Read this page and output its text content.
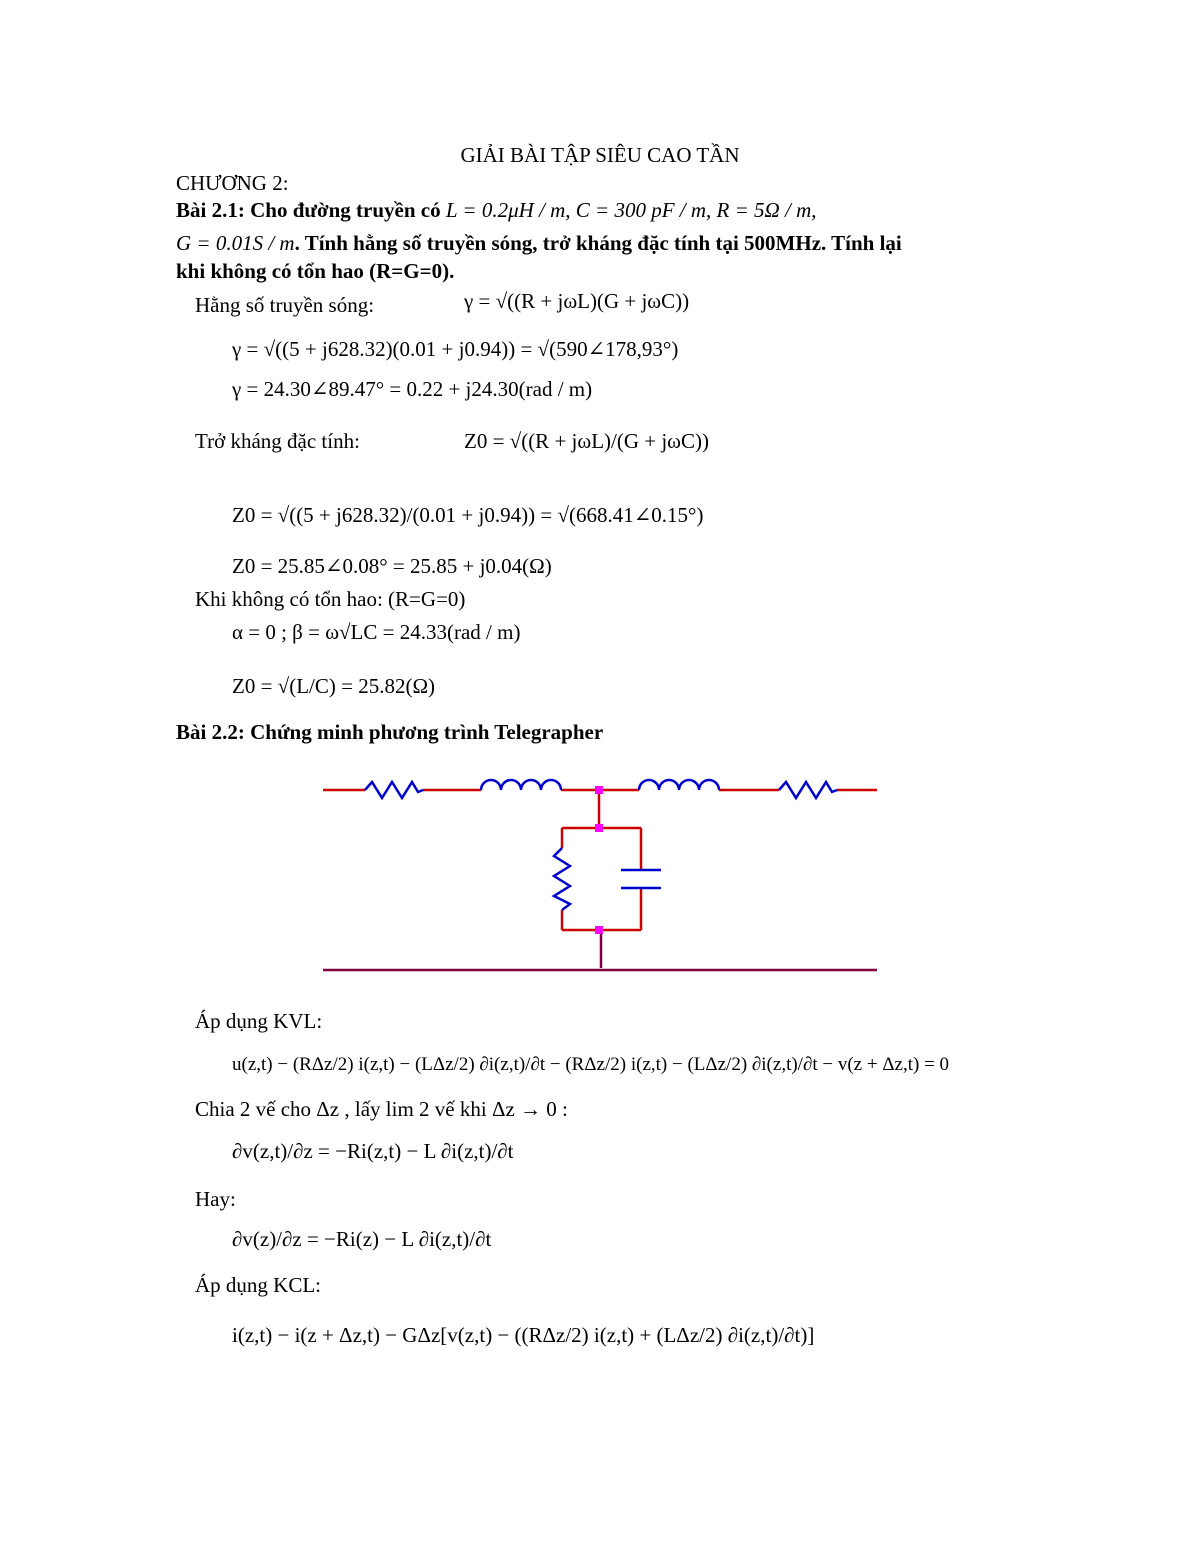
GIẢI BÀI TẬP SIÊU CAO TẦN
CHƯƠNG 2:
Bài 2.1: Cho đường truyền có L = 0.2μH / m, C = 300 pF / m, R = 5Ω / m,
G = 0.01S / m. Tính hằng số truyền sóng, trở kháng đặc tính tại 500MHz. Tính lại
khi không có tổn hao (R=G=0).
Hằng số truyền sóng:	γ = √((R + jωL)(G + jωC))
γ = √((5 + j628.32)(0.01 + j0.94)) = √(590∠178,93°)
γ = 24.30∠89.47° = 0.22 + j24.30(rad / m)
Trở kháng đặc tính:	Z0 = √((R + jωL)/(G + jωC))
Z0 = √((5 + j628.32)/(0.01 + j0.94)) = √(668.41∠0.15°)
Z0 = 25.85∠0.08° = 25.85 + j0.04(Ω)
Khi không có tổn hao: (R=G=0)
α = 0 ; β = ω√LC = 24.33(rad / m)
Z0 = √(L/C) = 25.82(Ω)
Bài 2.2: Chứng minh phương trình Telegrapher
Áp dụng KVL:
u(z,t) − (RΔz/2) i(z,t) − (LΔz/2) ∂i(z,t)/∂t − (RΔz/2) i(z,t) − (LΔz/2) ∂i(z,t)/∂t − v(z + Δz,t) = 0
Chia 2 vế cho Δz , lấy lim 2 vế khi Δz → 0 :
∂v(z,t)/∂z = −Ri(z,t) − L ∂i(z,t)/∂t
Hay:
∂v(z)/∂z = −Ri(z) − L ∂i(z,t)/∂t
Áp dụng KCL:
i(z,t) − i(z + Δz,t) − GΔz[v(z,t) − ((RΔz/2) i(z,t) + (LΔz/2) ∂i(z,t)/∂t)]
